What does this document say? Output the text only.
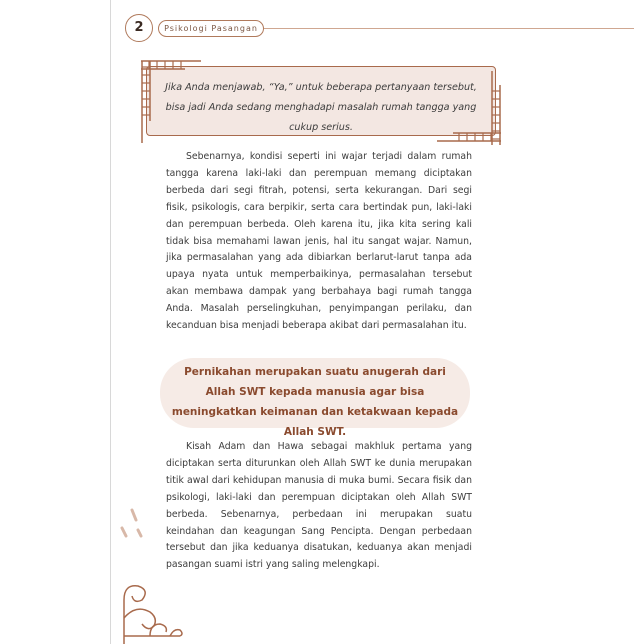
2	Psikologi Pasangan
Jika Anda menjawab, “Ya,” untuk beberapa pertanyaan tersebut, bisa jadi Anda sedang menghadapi masalah rumah tangga yang cukup serius.
Sebenarnya, kondisi seperti ini wajar terjadi dalam rumah tangga karena laki-laki dan perempuan memang diciptakan berbeda dari segi fitrah, potensi, serta kekurangan. Dari segi fisik, psikologis, cara berpikir, serta cara bertindak pun, laki-laki dan perempuan berbeda. Oleh karena itu, jika kita sering kali tidak bisa memahami lawan jenis, hal itu sangat wajar. Namun, jika permasalahan yang ada dibiarkan berlarut-larut tanpa ada upaya nyata untuk memperbaikinya, permasalahan tersebut akan membawa dampak yang berbahaya bagi rumah tangga Anda. Masalah perselingkuhan, penyimpangan perilaku, dan kecanduan bisa menjadi beberapa akibat dari permasalahan itu.
Pernikahan merupakan suatu anugerah dari Allah SWT kepada manusia agar bisa meningkatkan keimanan dan ketakwaan kepada Allah SWT.
Kisah Adam dan Hawa sebagai makhluk pertama yang diciptakan serta diturunkan oleh Allah SWT ke dunia merupakan titik awal dari kehidupan manusia di muka bumi. Secara fisik dan psikologi, laki-laki dan perempuan diciptakan oleh Allah SWT berbeda. Sebenarnya, perbedaan ini merupakan suatu keindahan dan keagungan Sang Pencipta. Dengan perbedaan tersebut dan jika keduanya disatukan, keduanya akan menjadi pasangan suami istri yang saling melengkapi.
